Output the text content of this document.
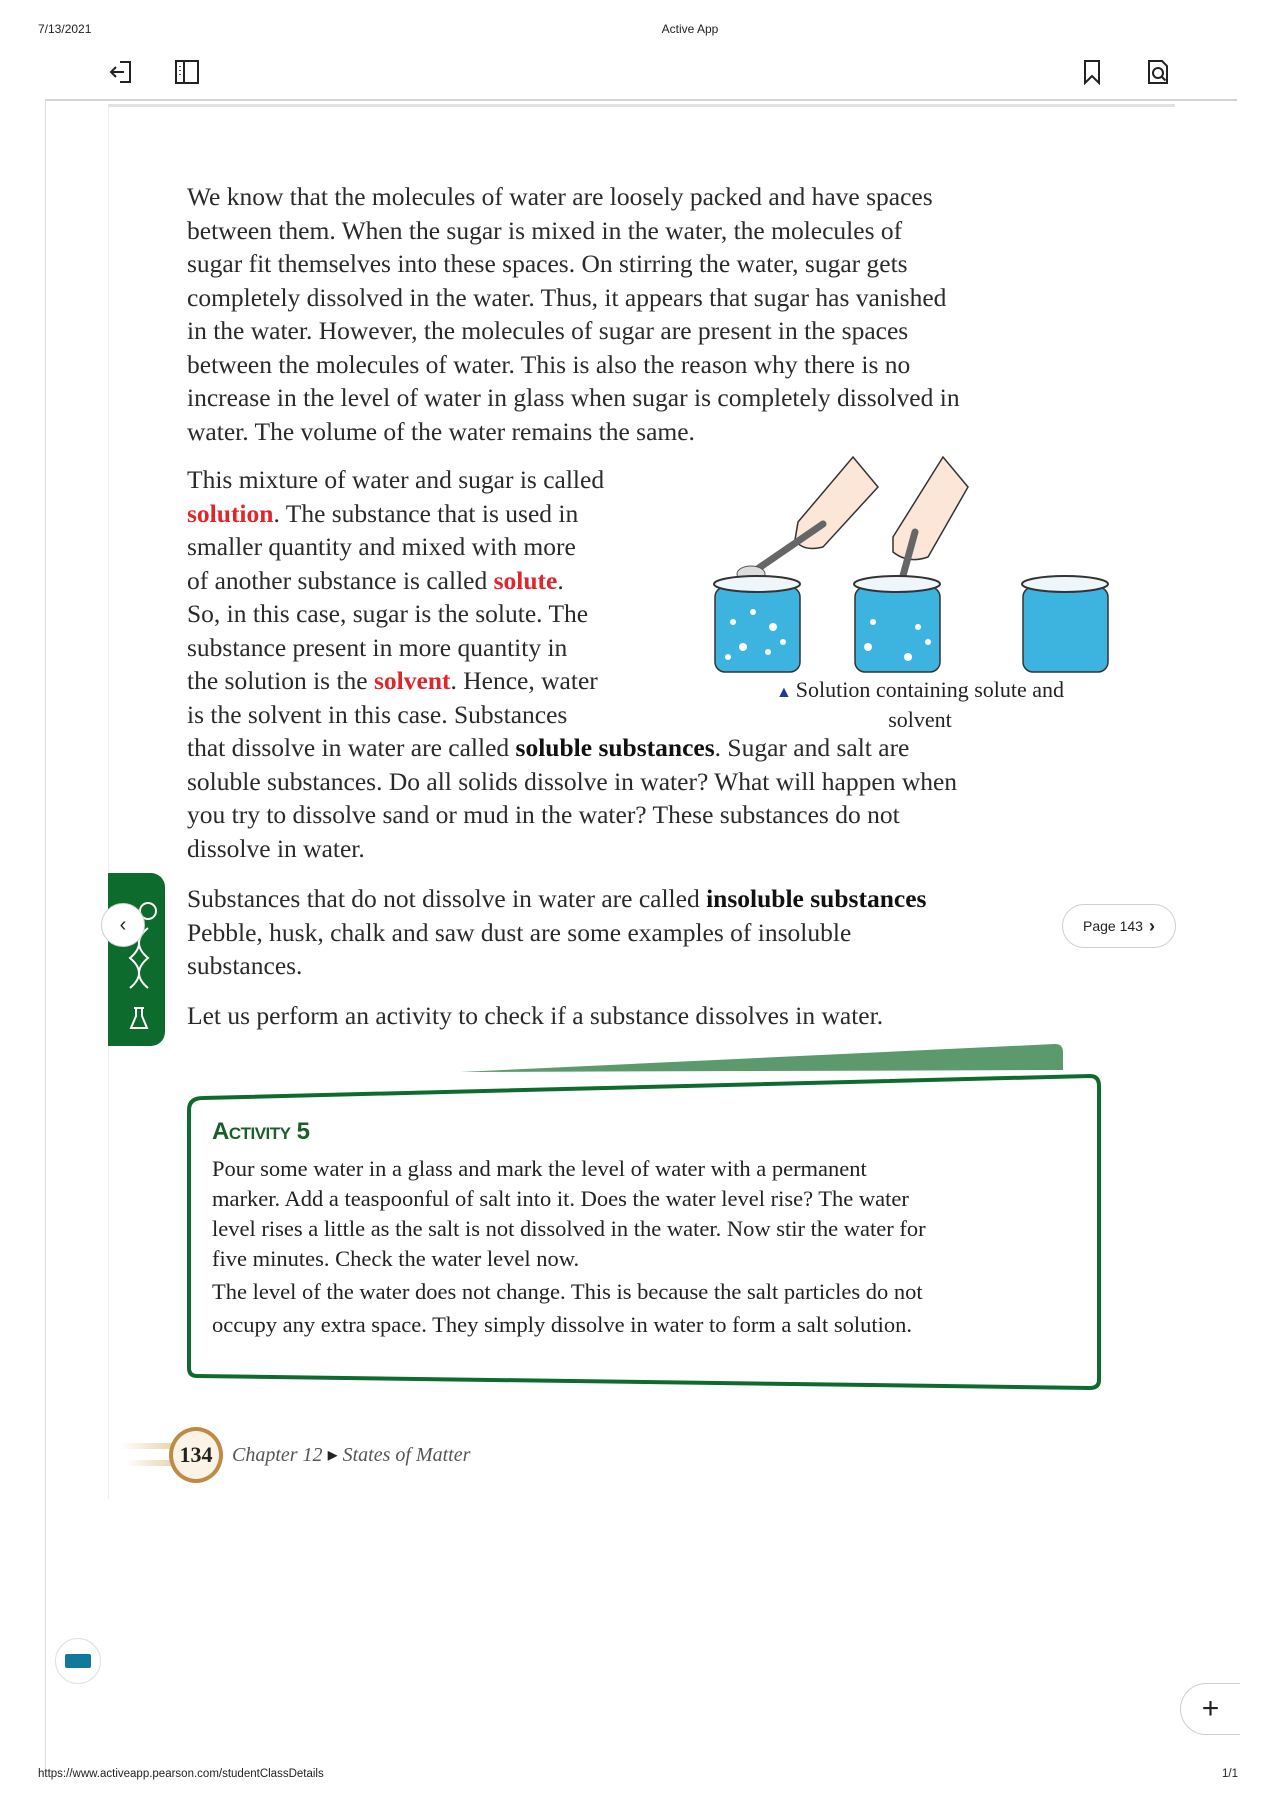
7/13/2021	Active App
We know that the molecules of water are loosely packed and have spaces
between them. When the sugar is mixed in the water, the molecules of
sugar fit themselves into these spaces. On stirring the water, sugar gets
completely dissolved in the water. Thus, it appears that sugar has vanished
in the water. However, the molecules of sugar are present in the spaces
between the molecules of water. This is also the reason why there is no
increase in the level of water in glass when sugar is completely dissolved in
water. The volume of the water remains the same.
This mixture of water and sugar is called
solution. The substance that is used in
smaller quantity and mixed with more
of another substance is called solute.
So, in this case, sugar is the solute. The
substance present in more quantity in
the solution is the solvent. Hence, water
is the solvent in this case. Substances
that dissolve in water are called soluble substances. Sugar and salt are
soluble substances. Do all solids dissolve in water? What will happen when
you try to dissolve sand or mud in the water? These substances do not
dissolve in water.
Substances that do not dissolve in water are called insoluble substances
Pebble, husk, chalk and saw dust are some examples of insoluble
substances.
Let us perform an activity to check if a substance dissolves in water.
▲ Solution containing solute and
solvent
‹	Page 143 ›
Activity 5
Pour some water in a glass and mark the level of water with a permanent
marker. Add a teaspoonful of salt into it. Does the water level rise? The water
level rises a little as the salt is not dissolved in the water. Now stir the water for
five minutes. Check the water level now.
The level of the water does not change. This is because the salt particles do not
occupy any extra space. They simply dissolve in water to form a salt solution.
134 Chapter 12 ▸ States of Matter
+
https://www.activeapp.pearson.com/studentClassDetails	1/1
